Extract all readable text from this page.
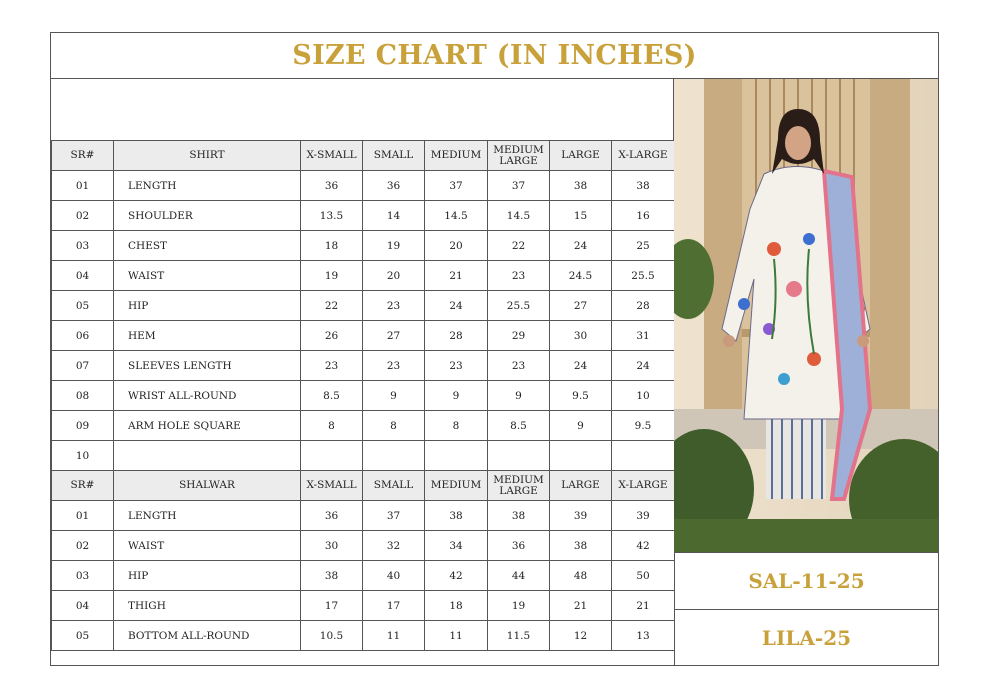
SIZE CHART (IN INCHES)
SR#	SHIRT	X-SMALL	SMALL	MEDIUM	MEDIUM LARGE	LARGE	X-LARGE
01	LENGTH	36	36	37	37	38	38
02	SHOULDER	13.5	14	14.5	14.5	15	16
03	CHEST	18	19	20	22	24	25
04	WAIST	19	20	21	23	24.5	25.5
05	HIP	22	23	24	25.5	27	28
06	HEM	26	27	28	29	30	31
07	SLEEVES LENGTH	23	23	23	23	24	24
08	WRIST ALL-ROUND	8.5	9	9	9	9.5	10
09	ARM HOLE SQUARE	8	8	8	8.5	9	9.5
10							
SR#	SHALWAR	X-SMALL	SMALL	MEDIUM	MEDIUM LARGE	LARGE	X-LARGE
01	LENGTH	36	37	38	38	39	39
02	WAIST	30	32	34	36	38	42
03	HIP	38	40	42	44	48	50
04	THIGH	17	17	18	19	21	21
05	BOTTOM ALL-ROUND	10.5	11	11	11.5	12	13
SAL-11-25
LILA-25
